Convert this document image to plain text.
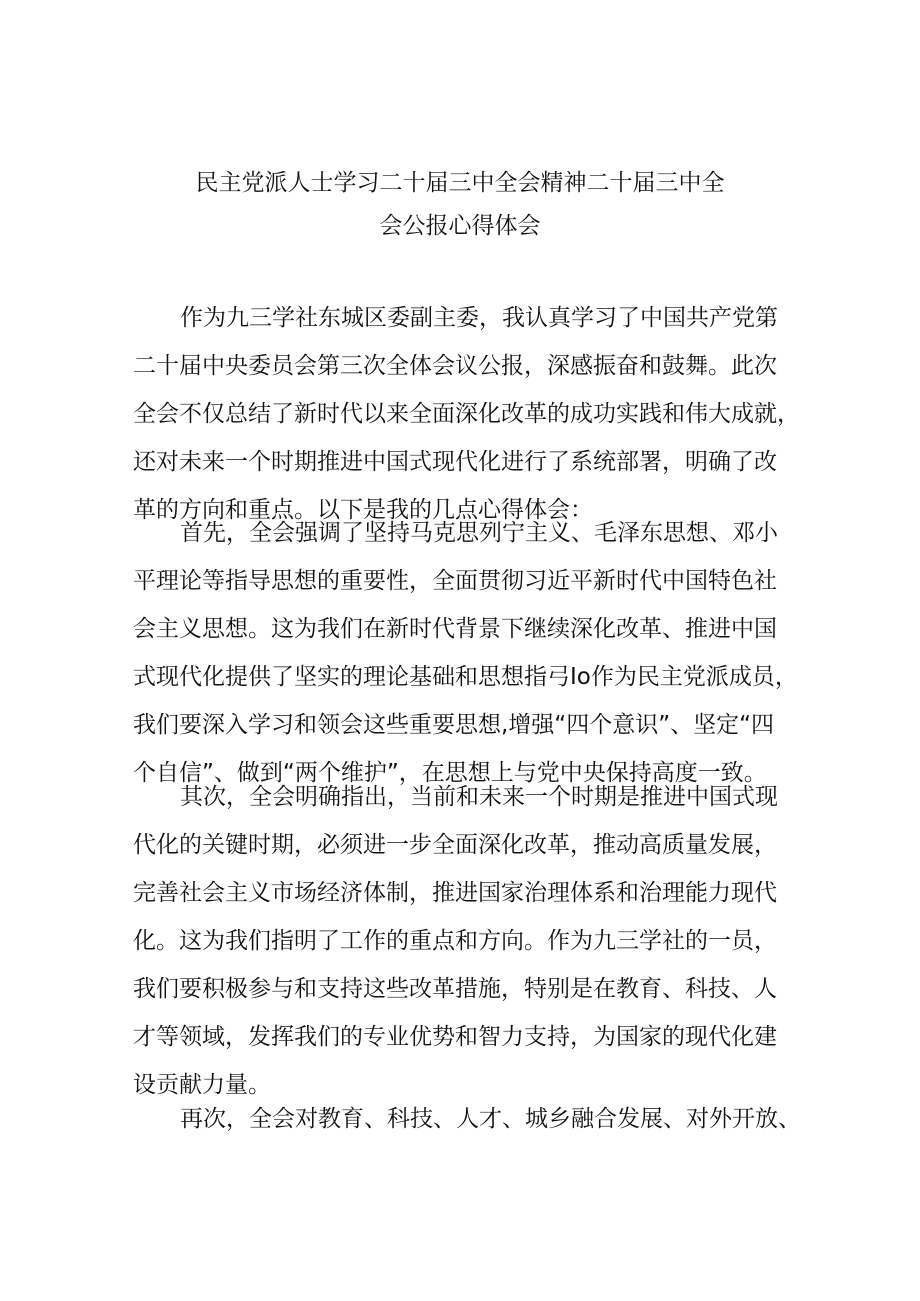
民主党派人士学习二十届三中全会精神二十届三中全
会公报心得体会
作为九三学社东城区委副主委，我认真学习了中国共产党第
二十届中央委员会第三次全体会议公报，深感振奋和鼓舞。此次
全会不仅总结了新时代以来全面深化改革的成功实践和伟大成就，
还对未来一个时期推进中国式现代化进行了系统部署，明确了改
革的方向和重点。以下是我的几点心得体会：
首先，全会强调了坚持马克思列宁主义、毛泽东思想、邓小
平理论等指导思想的重要性，全面贯彻习近平新时代中国特色社
会主义思想。这为我们在新时代背景下继续深化改革、推进中国
式现代化提供了坚实的理论基础和思想指弓Io作为民主党派成员，
我们要深入学习和领会这些重要思想,增强“四个意识”、坚定“四
个自信”、做到“两个维护”，在思想上与党中央保持高度一致。
其次，全会明确指出，当前和未来一个时期是推进中国式现
代化的关键时期，必须进一步全面深化改革，推动高质量发展，
完善社会主义市场经济体制，推进国家治理体系和治理能力现代
化。这为我们指明了工作的重点和方向。作为九三学社的一员，
我们要积极参与和支持这些改革措施，特别是在教育、科技、人
才等领域，发挥我们的专业优势和智力支持，为国家的现代化建
设贡献力量。
再次，全会对教育、科技、人才、城乡融合发展、对外开放、
